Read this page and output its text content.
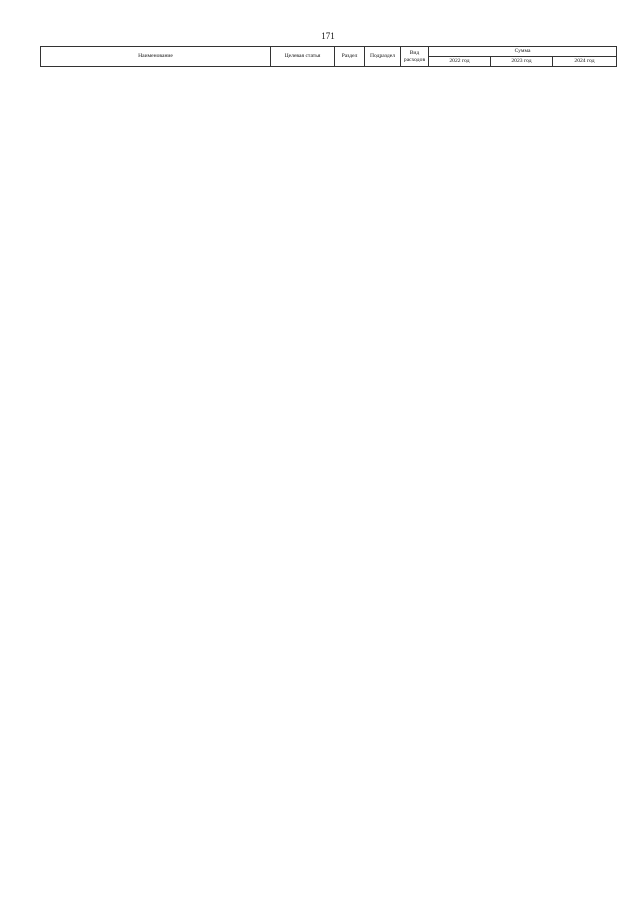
171
Наименование	Целевая статья	Раздел	Подраздел	Вид расходов	Сумма		
					2022 год	2023 год	2024 год
